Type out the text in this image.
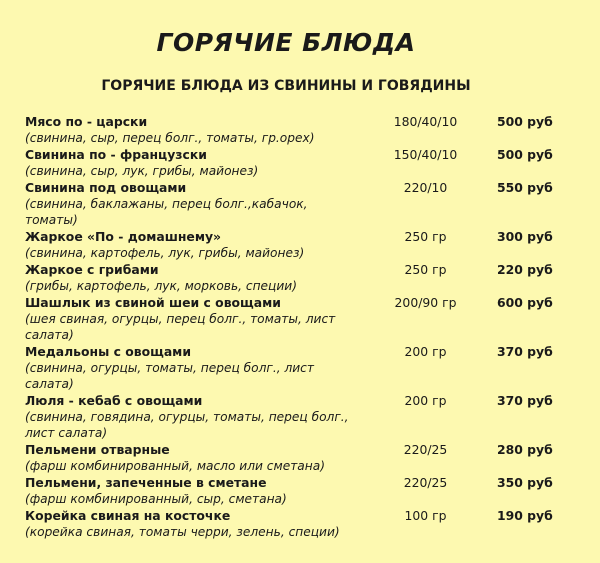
ГОРЯЧИЕ БЛЮДА
ГОРЯЧИЕ БЛЮДА ИЗ СВИНИНЫ И ГОВЯДИНЫ
Мясо по - царски	180/40/10	500 руб
(свинина, сыр, перец болг., томаты, гр.орех)
Свинина по - французски	150/40/10	500 руб
(свинина, сыр, лук, грибы, майонез)
Свинина под овощами	220/10	550 руб
(свинина, баклажаны, перец болг.,кабачок, томаты)
Жаркое «По - домашнему»	250 гр	300 руб
(свинина, картофель, лук, грибы, майонез)
Жаркое с грибами	250 гр	220 руб
(грибы, картофель, лук, морковь, специи)
Шашлык из свиной шеи с овощами	200/90 гр	600 руб
(шея свиная, огурцы, перец болг., томаты, лист салата)
Медальоны с овощами	200 гр	370 руб
(свинина, огурцы, томаты, перец болг., лист салата)
Люля - кебаб с овощами	200 гр	370 руб
(свинина, говядина, огурцы, томаты, перец болг., лист салата)
Пельмени отварные	220/25	280 руб
(фарш комбинированный, масло или сметана)
Пельмени, запеченные в сметане	220/25	350 руб
(фарш комбинированный, сыр, сметана)
Корейка свиная на косточке	100 гр	190 руб
(корейка свиная, томаты черри, зелень, специи)
